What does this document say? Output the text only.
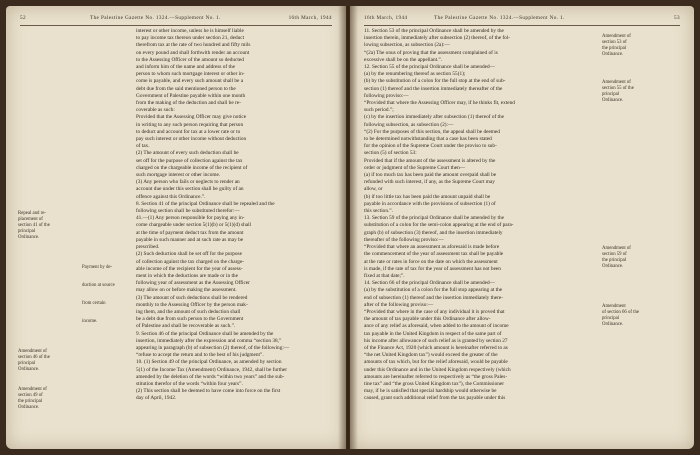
52	The Palestine Gazette No. 1324.—Supplement No. 1.	16th March, 1944

interest or other income, unless he is himself liable

to pay income tax thereon under section 21, deduct

therefrom tax at the rate of two hundred and fifty mils

on every pound and shall forthwith render an account

to the Assessing Officer of the amount so deducted

and inform him of the name and address of the

person to whom such mortgage interest or other in-

come is payable, and every such amount shall be a

debt due from the said mentioned person to the

Government of Palestine payable within one month

from the making of the deduction and shall be re-

coverable as such:

Provided that the Assessing Officer may give notice

in writing to any such person requiring that person

to deduct and account for tax at a lower rate or to

pay such interest or other income without deduction

of tax.

(2) The amount of every such deduction shall be

set off for the purpose of collection against the tax

charged on the chargeable income of the recipient of

such mortgage interest or other income.

(3) Any person who fails or neglects to render an

account due under this section shall be guilty of an

offence against this Ordinance.”.

8. Section 41 of the principal Ordinance shall be repealed and the

following section shall be substituted therefor:—

41.—(1) Any person responsible for paying any in-

come chargeable under section 5(1)(b) or 5(1)(d) shall

at the time of payment deduct tax from the amount

payable in such manner and at such rate as may be

prescribed.

(2) Such deduction shall be set off for the purpose

of collection against the tax charged on the charge-

able income of the recipient for the year of assess-

ment in which the deductions are made or in the

following year of assessment as the Assessing Officer

may allow on or before making the assessment.

(3) The amount of such deductions shall be rendered

monthly to the Assessing Officer by the person mak-

ing them, and the amount of such deduction shall

be a debt due from such person to the Government

of Palestine and shall be recoverable as such.”.

9. Section 46 of the principal Ordinance shall be amended by the

insertion, immediately after the expression and comma “section 38,”

appearing in paragraph (b) of subsection (2) thereof, of the following:—

“refuse to accept the return and to the best of his judgment”.

10. (1) Section 49 of the principal Ordinance, as amended by section

5(1) of the Income Tax (Amendment) Ordinance, 1942, shall be further

amended by the deletion of the words “within two years” and the sub-

stitution therefor of the words “within four years”.

(2) This section shall be deemed to have come into force on the first

day of April, 1942.

Payment by de-

duction at source

from certain

income.

Repeal and re-
placement of
section 41 of the
principal
Ordinance.
Amendment of
section 46 of the
principal
Ordinance.
Amendment of
section 49 of
the principal
Ordinance.
16th March, 1944	The Palestine Gazette No. 1324.—Supplement No. 1.	53

11. Section 53 of the principal Ordinance shall be amended by the

insertion therein, immediately after subsection (2) thereof, of the fol-

lowing subsection, as subsection (2a):—

“(2a) The onus of proving that the assessment complained of is

excessive shall be on the appellant.”.

12. Section 55 of the principal Ordinance shall be amended—

(a) by the renumbering thereof as section 55(1);

(b) by the substitution of a colon for the full stop at the end of sub-

section (1) thereof and the insertion immediately thereafter of the

following proviso:—

“Provided that where the Assessing Officer may, if he thinks fit, extend

such period.”;

(c) by the insertion immediately after subsection (1) thereof of the

following subsection, as subsection (2):—

“(2) For the purposes of this section, the appeal shall be deemed

to be determined notwithstanding that a case has been stated

for the opinion of the Supreme Court under the proviso to sub-

section (5) of section 53:

Provided that if the amount of the assessment is altered by the

order or judgment of the Supreme Court then—

(a) if too much tax has been paid the amount overpaid shall be

refunded with such interest, if any, as the Supreme Court may

allow, or

(b) if too little tax has been paid the amount unpaid shall be

payable in accordance with the provisions of subsection (1) of

this section.”.

13. Section 59 of the principal Ordinance shall be amended by the

substitution of a colon for the semi-colon appearing at the end of para-

graph (b) of subsection (3) thereof, and the insertion immediately

thereafter of the following proviso:—

“Provided that where an assessment as aforesaid is made before

the commencement of the year of assessment tax shall be payable

at the rate or rates in force on the date on which the assessment

is made, if the rate of tax for the year of assessment has not been

fixed at that date;”.

14. Section 66 of the principal Ordinance shall be amended—

(a) by the substitution of a colon for the full stop appearing at the

end of subsection (1) thereof and the insertion immediately there-

after of the following proviso:—

“Provided that where in the case of any individual it is proved that

the amount of tax payable under this Ordinance after allow-

ance of any relief as aforesaid, when added to the amount of income

tax payable in the United Kingdom in respect of the same part of

his income after allowance of such relief as is granted by section 27

of the Finance Act, 1920 (which amount is hereinafter referred to as

“the net United Kingdom tax”) would exceed the greater of the

amounts of tax which, but for the relief aforesaid, would be payable

under this Ordinance and in the United Kingdom respectively (which

amounts are hereinafter referred to respectively as “the gross Pales-

tine tax” and “the gross United Kingdom tax”), the Commissioner

may, if he is satisfied that special hardship would otherwise be

caused, grant such additional relief from the tax payable under this

Amendment of
section 53 of
the principal
Ordinance.
Amendment of
section 55 of the
principal
Ordinance.
Amendment of
section 59 of
the principal
Ordinance.
Amendment
of section 66 of the
principal
Ordinance.
